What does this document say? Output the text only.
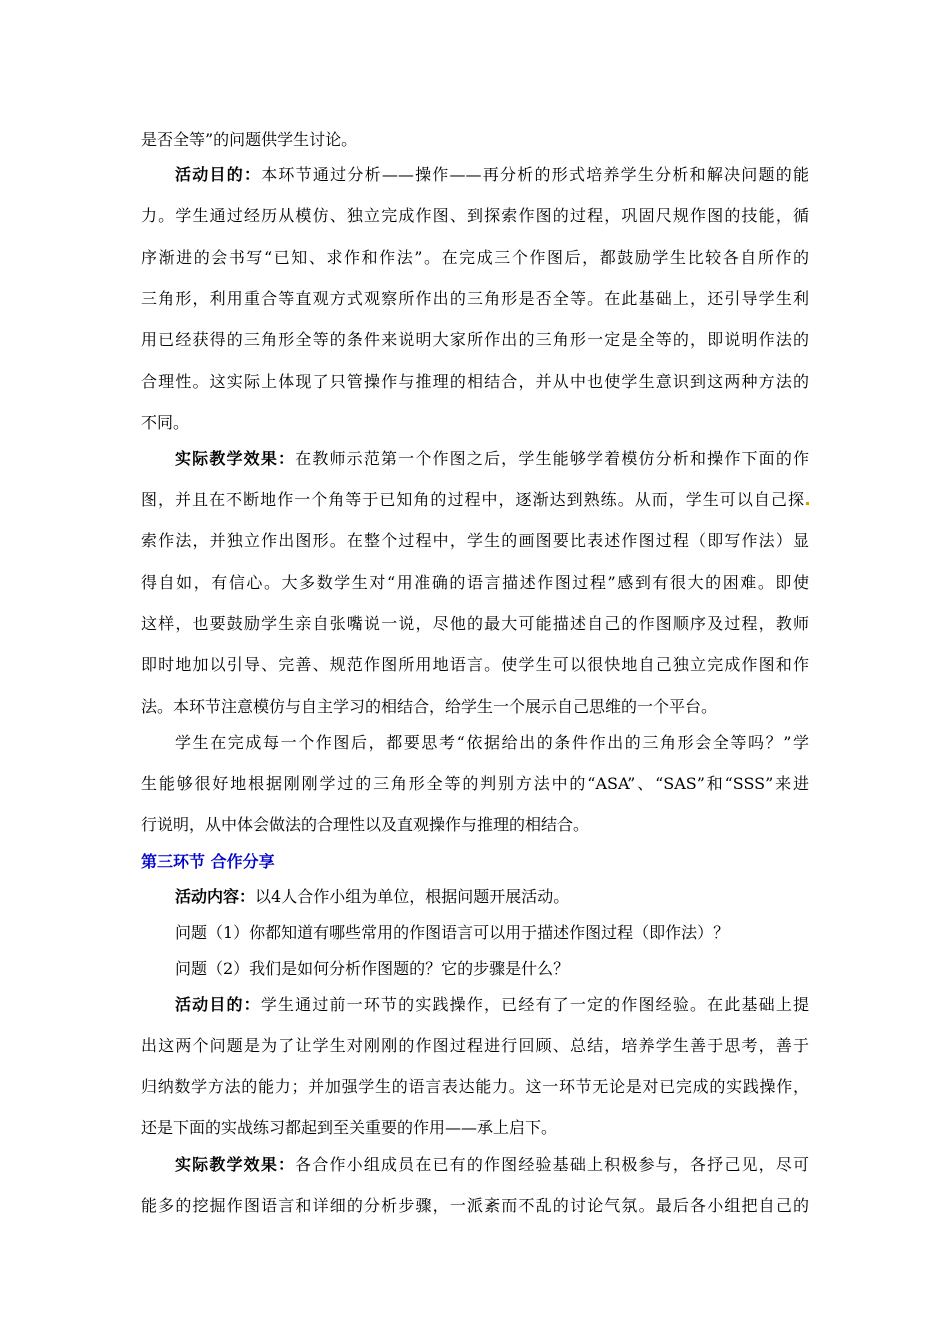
是否全等”的问题供学生讨论。
活动目的：本环节通过分析——操作——再分析的形式培养学生分析和解决问题的能
力。学生通过经历从模仿、独立完成作图、到探索作图的过程，巩固尺规作图的技能，循
序渐进的会书写“已知、求作和作法”。在完成三个作图后，都鼓励学生比较各自所作的
三角形，利用重合等直观方式观察所作出的三角形是否全等。在此基础上，还引导学生利
用已经获得的三角形全等的条件来说明大家所作出的三角形一定是全等的，即说明作法的
合理性。这实际上体现了只管操作与推理的相结合，并从中也使学生意识到这两种方法的
不同。
实际教学效果：在教师示范第一个作图之后，学生能够学着模仿分析和操作下面的作
图，并且在不断地作一个角等于已知角的过程中，逐渐达到熟练。从而，学生可以自己探
索作法，并独立作出图形。在整个过程中，学生的画图要比表述作图过程（即写作法）显
得自如，有信心。大多数学生对“用准确的语言描述作图过程”感到有很大的困难。即使
这样，也要鼓励学生亲自张嘴说一说，尽他的最大可能描述自己的作图顺序及过程，教师
即时地加以引导、完善、规范作图所用地语言。使学生可以很快地自己独立完成作图和作
法。本环节注意模仿与自主学习的相结合，给学生一个展示自己思维的一个平台。
学生在完成每一个作图后，都要思考“依据给出的条件作出的三角形会全等吗？”学
生能够很好地根据刚刚学过的三角形全等的判别方法中的“ASA”、“SAS”和“SSS”来进
行说明，从中体会做法的合理性以及直观操作与推理的相结合。
第三环节 合作分享
活动内容：以4人合作小组为单位，根据问题开展活动。
问题（1）你都知道有哪些常用的作图语言可以用于描述作图过程（即作法）？
问题（2）我们是如何分析作图题的？它的步骤是什么？
活动目的：学生通过前一环节的实践操作，已经有了一定的作图经验。在此基础上提
出这两个问题是为了让学生对刚刚的作图过程进行回顾、总结，培养学生善于思考，善于
归纳数学方法的能力；并加强学生的语言表达能力。这一环节无论是对已完成的实践操作，
还是下面的实战练习都起到至关重要的作用——承上启下。
实际教学效果：各合作小组成员在已有的作图经验基础上积极参与，各抒己见，尽可
能多的挖掘作图语言和详细的分析步骤，一派紊而不乱的讨论气氛。最后各小组把自己的
